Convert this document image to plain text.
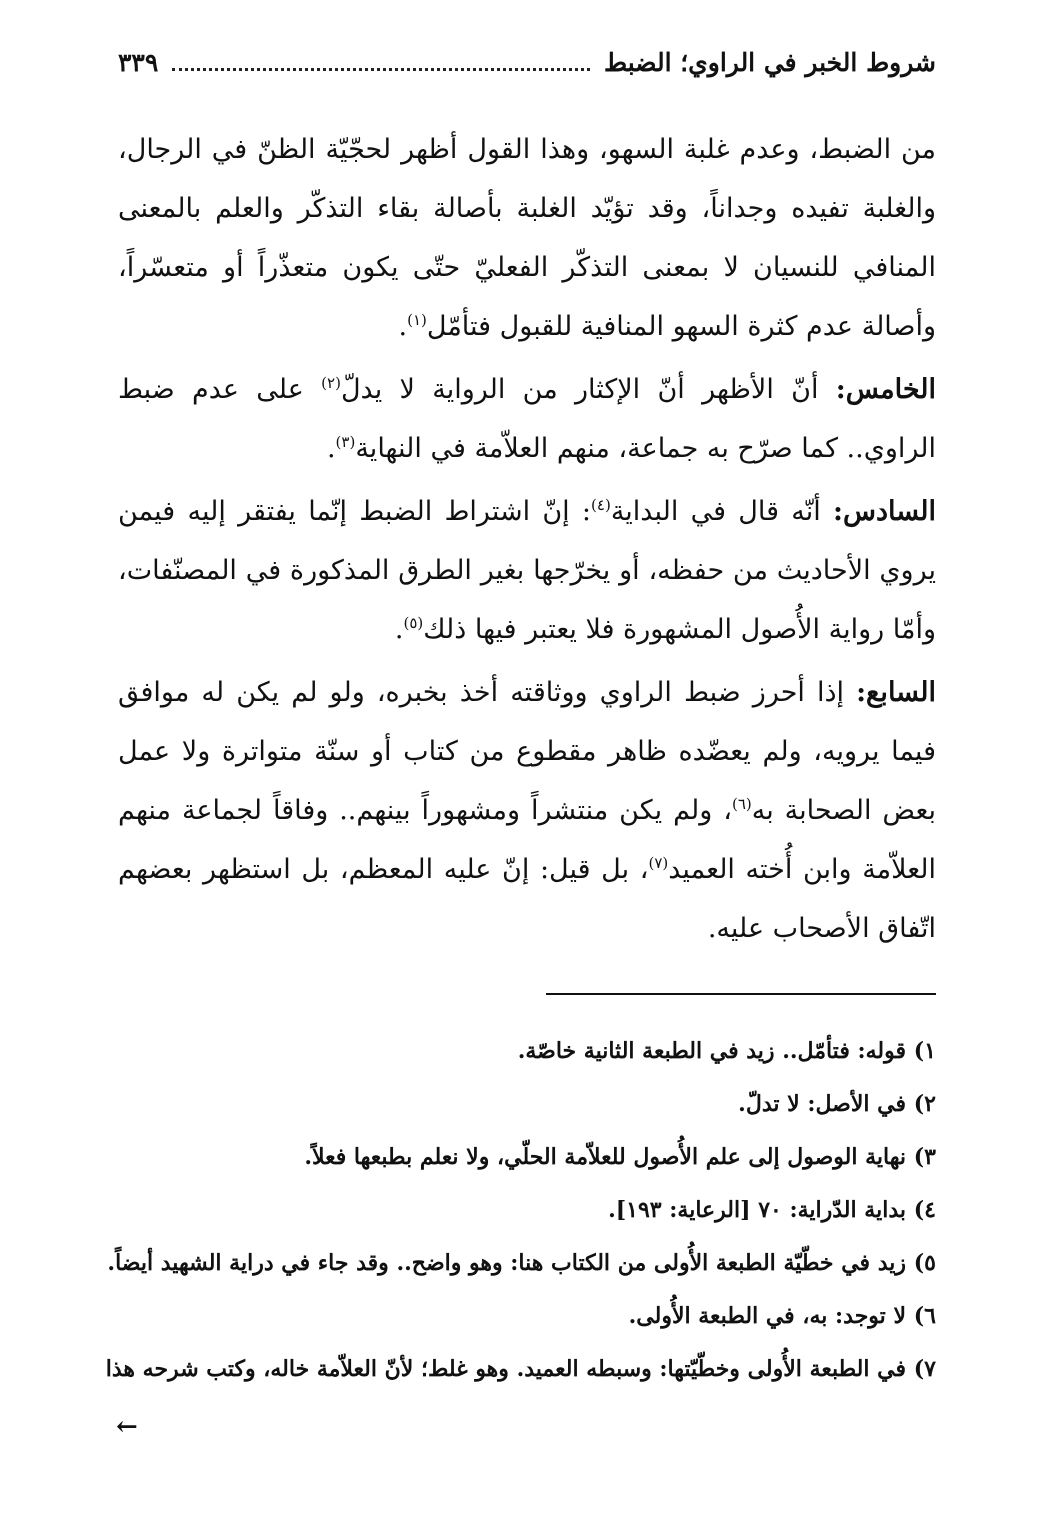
شروط الخبر في الراوي؛ الضبط
٣٣٩

من الضبط، وعدم غلبة السهو، وهذا القول أظهر لحجّيّة الظنّ في الرجال، والغلبة تفيده وجداناً، وقد تؤيّد الغلبة بأصالة بقاء التذكّر والعلم بالمعنى المنافي للنسيان لا بمعنى التذكّر الفعليّ حتّى يكون متعذّراً أو متعسّراً، وأصالة عدم كثرة السهو المنافية للقبول فتأمّل$^{(١)}$.

الخامس: أنّ الأظهر أنّ الإكثار من الرواية لا يدلّ$^{(٢)}$ على عدم ضبط الراوي.. كما صرّح به جماعة، منهم العلاّمة في النهاية$^{(٣)}$.

السادس: أنّه قال في البداية$^{(٤)}$: إنّ اشتراط الضبط إنّما يفتقر إليه فيمن يروي الأحاديث من حفظه، أو يخرّجها بغير الطرق المذكورة في المصنّفات، وأمّا رواية الأُصول المشهورة فلا يعتبر فيها ذلك$^{(٥)}$.

السابع: إذا أحرز ضبط الراوي ووثاقته أخذ بخبره، ولو لم يكن له موافق فيما يرويه، ولم يعضّده ظاهر مقطوع من كتاب أو سنّة متواترة ولا عمل بعض الصحابة به$^{(٦)}$، ولم يكن منتشراً ومشهوراً بينهم.. وفاقاً لجماعة منهم العلاّمة وابن أُخته العميد$^{(٧)}$، بل قيل: إنّ عليه المعظم، بل استظهر بعضهم اتّفاق الأصحاب عليه.

١)
قوله: فتأمّل.. زيد في الطبعة الثانية خاصّة.
٢)
في الأصل: لا تدلّ.
٣)
نهاية الوصول إلى علم الأُصول للعلاّمة الحلّي، ولا نعلم بطبعها فعلاً.
٤)
بداية الدّراية: ٧٠ [الرعاية: ١٩٣].
٥)
زيد في خطّيّة الطبعة الأُولى من الكتاب هنا: وهو واضح.. وقد جاء في دراية الشهيد أيضاً.
٦)
لا توجد: به، في الطبعة الأُولى.
٧)
في الطبعة الأُولى وخطّيّتها: وسبطه العميد. وهو غلط؛ لأنّ العلاّمة خاله، وكتب شرحه هذا
←
